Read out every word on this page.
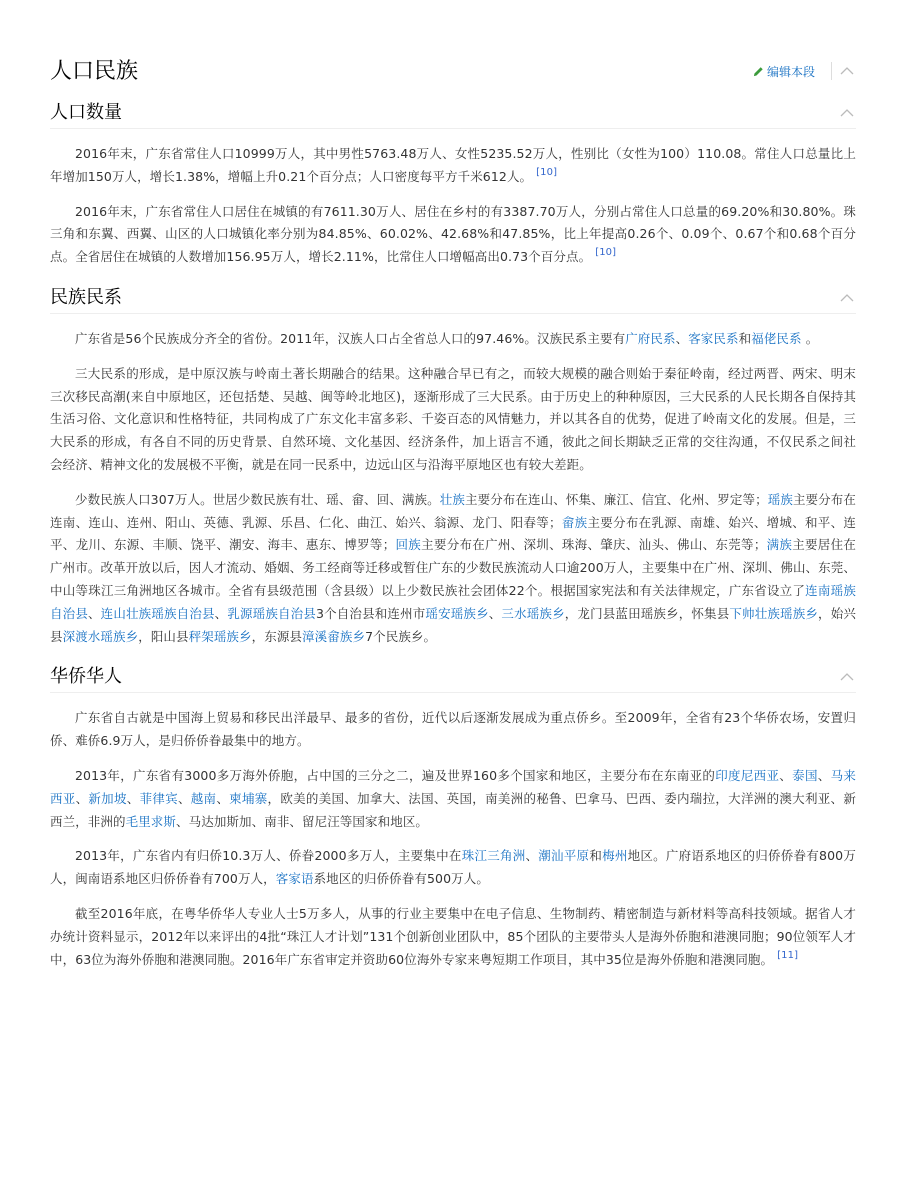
人口民族	编辑本段
人口数量

2016年末，广东省常住人口10999万人，其中男性5763.48万人、女性5235.52万人，性别比（女性为100）110.08。常住人口总量比上年增加150万人，增长1.38%，增幅上升0.21个百分点；人口密度每平方千米612人。 [10]

2016年末，广东省常住人口居住在城镇的有7611.30万人、居住在乡村的有3387.70万人，分别占常住人口总量的69.20%和30.80%。珠三角和东翼、西翼、山区的人口城镇化率分别为84.85%、60.02%、42.68%和47.85%，比上年提高0.26个、0.09个、0.67个和0.68个百分点。全省居住在城镇的人数增加156.95万人，增长2.11%，比常住人口增幅高出0.73个百分点。 [10]

民族民系

广东省是56个民族成分齐全的省份。2011年，汉族人口占全省总人口的97.46%。汉族民系主要有广府民系、客家民系和福佬民系 。

三大民系的形成，是中原汉族与岭南土著长期融合的结果。这种融合早已有之，而较大规模的融合则始于秦征岭南，经过两晋、两宋、明末三次移民高潮(来自中原地区，还包括楚、吴越、闽等岭北地区)，逐渐形成了三大民系。由于历史上的种种原因，三大民系的人民长期各自保持其生活习俗、文化意识和性格特征，共同构成了广东文化丰富多彩、千姿百态的风情魅力，并以其各自的优势，促进了岭南文化的发展。但是，三大民系的形成，有各自不同的历史背景、自然环境、文化基因、经济条件，加上语言不通，彼此之间长期缺乏正常的交往沟通，不仅民系之间社会经济、精神文化的发展极不平衡，就是在同一民系中，边远山区与沿海平原地区也有较大差距。

少数民族人口307万人。世居少数民族有壮、瑶、畲、回、满族。壮族主要分布在连山、怀集、廉江、信宜、化州、罗定等；瑶族主要分布在连南、连山、连州、阳山、英德、乳源、乐昌、仁化、曲江、始兴、翁源、龙门、阳春等；畲族主要分布在乳源、南雄、始兴、增城、和平、连平、龙川、东源、丰顺、饶平、潮安、海丰、惠东、博罗等；回族主要分布在广州、深圳、珠海、肇庆、汕头、佛山、东莞等；满族主要居住在广州市。改革开放以后，因人才流动、婚姻、务工经商等迁移或暂住广东的少数民族流动人口逾200万人，主要集中在广州、深圳、佛山、东莞、中山等珠江三角洲地区各城市。全省有县级范围（含县级）以上少数民族社会团体22个。根据国家宪法和有关法律规定，广东省设立了连南瑶族自治县、连山壮族瑶族自治县、乳源瑶族自治县3个自治县和连州市瑶安瑶族乡、三水瑶族乡，龙门县蓝田瑶族乡，怀集县下帅壮族瑶族乡，始兴县深渡水瑶族乡，阳山县秤架瑶族乡，东源县漳溪畲族乡7个民族乡。

华侨华人

广东省自古就是中国海上贸易和移民出洋最早、最多的省份，近代以后逐渐发展成为重点侨乡。至2009年，全省有23个华侨农场，安置归侨、难侨6.9万人，是归侨侨眷最集中的地方。

2013年，广东省有3000多万海外侨胞，占中国的三分之二，遍及世界160多个国家和地区，主要分布在东南亚的印度尼西亚、泰国、马来西亚、新加坡、菲律宾、越南、柬埔寨，欧美的美国、加拿大、法国、英国，南美洲的秘鲁、巴拿马、巴西、委内瑞拉，大洋洲的澳大利亚、新西兰，非洲的毛里求斯、马达加斯加、南非、留尼汪等国家和地区。

2013年，广东省内有归侨10.3万人、侨眷2000多万人，主要集中在珠江三角洲、潮汕平原和梅州地区。广府语系地区的归侨侨眷有800万人，闽南语系地区归侨侨眷有700万人，客家语系地区的归侨侨眷有500万人。

截至2016年底，在粤华侨华人专业人士5万多人，从事的行业主要集中在电子信息、生物制药、精密制造与新材料等高科技领域。据省人才办统计资料显示，2012年以来评出的4批“珠江人才计划”131个创新创业团队中，85个团队的主要带头人是海外侨胞和港澳同胞；90位领军人才中，63位为海外侨胞和港澳同胞。2016年广东省审定并资助60位海外专家来粤短期工作项目，其中35位是海外侨胞和港澳同胞。 [11]
